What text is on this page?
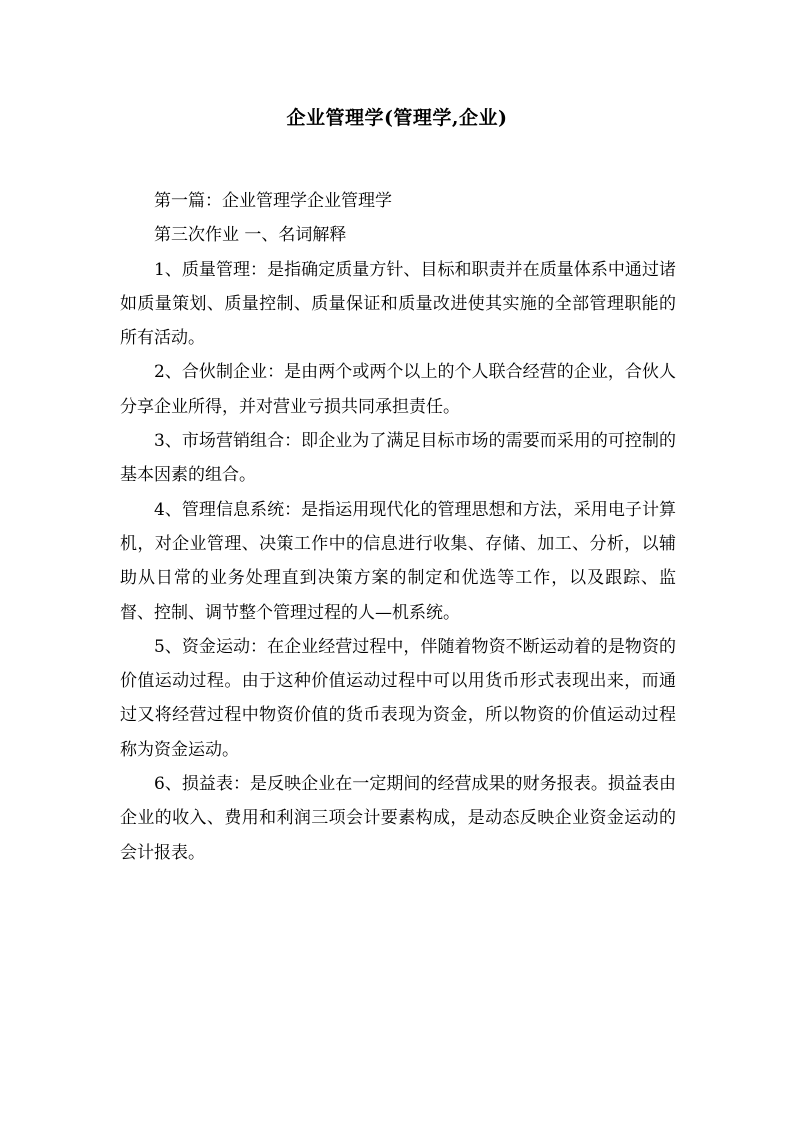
企业管理学(管理学,企业)

第一篇：企业管理学企业管理学

第三次作业 一、名词解释

1、质量管理：是指确定质量方针、目标和职责并在质量体系中通过诸如质量策划、质量控制、质量保证和质量改进使其实施的全部管理职能的所有活动。

2、合伙制企业：是由两个或两个以上的个人联合经营的企业，合伙人分享企业所得，并对营业亏损共同承担责任。

3、市场营销组合：即企业为了满足目标市场的需要而采用的可控制的基本因素的组合。

4、管理信息系统：是指运用现代化的管理思想和方法，采用电子计算机，对企业管理、决策工作中的信息进行收集、存储、加工、分析，以辅助从日常的业务处理直到决策方案的制定和优选等工作，以及跟踪、监督、控制、调节整个管理过程的人—机系统。

5、资金运动：在企业经营过程中，伴随着物资不断运动着的是物资的价值运动过程。由于这种价值运动过程中可以用货币形式表现出来，而通过又将经营过程中物资价值的货币表现为资金，所以物资的价值运动过程称为资金运动。

6、损益表：是反映企业在一定期间的经营成果的财务报表。损益表由企业的收入、费用和利润三项会计要素构成，是动态反映企业资金运动的会计报表。
